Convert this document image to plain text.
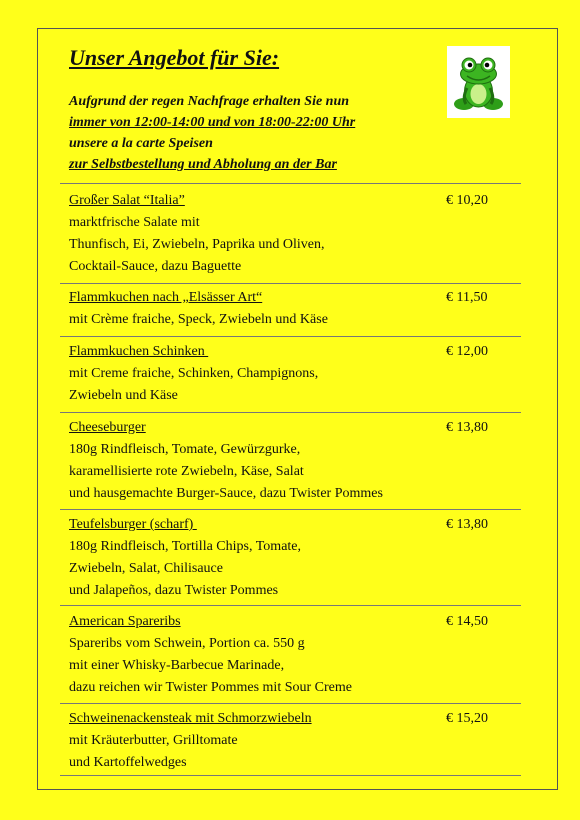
Unser Angebot für Sie:
Aufgrund der regen Nachfrage erhalten Sie nun
immer von 12:00-14:00 und von 18:00-22:00 Uhr
unsere a la carte Speisen
zur Selbstbestellung und Abholung an der Bar
Großer Salat “Italia”	€ 10,20
marktfrische Salate mit
Thunfisch, Ei, Zwiebeln, Paprika und Oliven,
Cocktail-Sauce, dazu Baguette
Flammkuchen nach „Elsässer Art“	€ 11,50
mit Crème fraiche, Speck, Zwiebeln und Käse
Flammkuchen Schinken	€ 12,00
mit Creme fraiche, Schinken, Champignons,
Zwiebeln und Käse
Cheeseburger	€ 13,80
180g Rindfleisch, Tomate, Gewürzgurke,
karamellisierte rote Zwiebeln, Käse, Salat
und hausgemachte Burger-Sauce, dazu Twister Pommes
Teufelsburger (scharf)	€ 13,80
180g Rindfleisch, Tortilla Chips, Tomate,
Zwiebeln, Salat, Chilisauce
und Jalapeños, dazu Twister Pommes
American Spareribs	€ 14,50
Spareribs vom Schwein, Portion ca. 550 g
mit einer Whisky-Barbecue Marinade,
dazu reichen wir Twister Pommes mit Sour Creme
Schweinenackensteak mit Schmorzwiebeln	€ 15,20
mit Kräuterbutter, Grilltomate
und Kartoffelwedges
